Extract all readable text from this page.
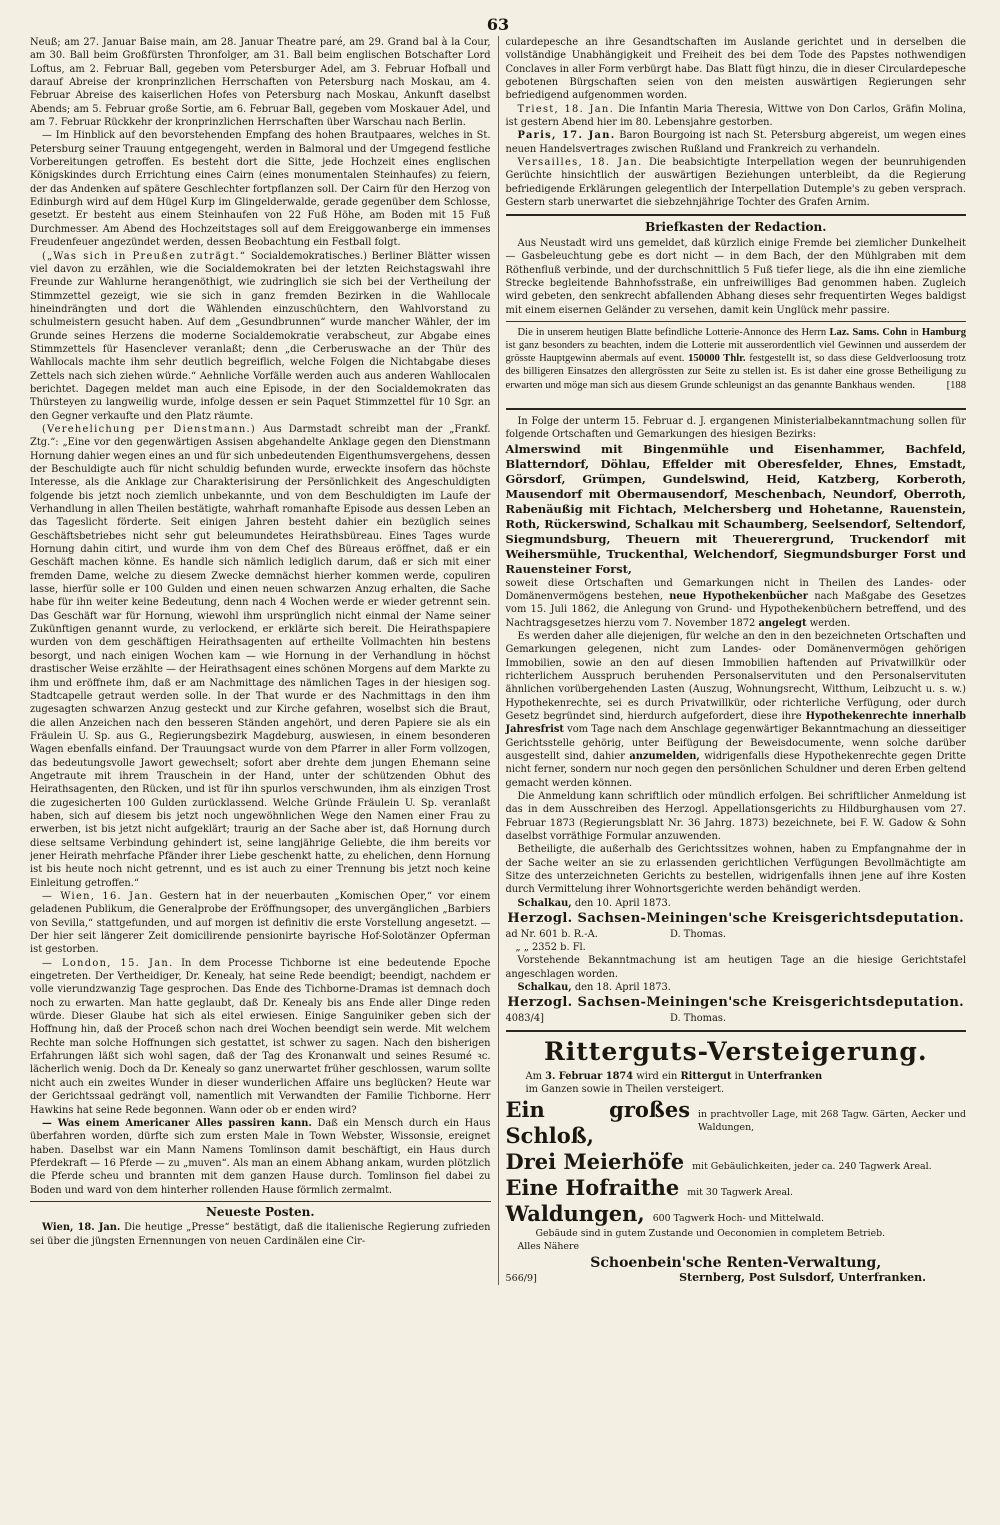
63

Neuß; am 27. Januar Baise main, am 28. Januar Theatre paré, am 29. Grand bal à la Cour, am 30. Ball beim Großfürsten Thronfolger, am 31. Ball beim englischen Botschafter Lord Loftus, am 2. Februar Ball, gegeben vom Petersburger Adel, am 3. Februar Hofball und darauf Abreise der kronprinzlichen Herrschaften von Petersburg nach Moskau, am 4. Februar Abreise des kaiserlichen Hofes von Petersburg nach Moskau, Ankunft daselbst Abends; am 5. Februar große Sortie, am 6. Februar Ball, gegeben vom Moskauer Adel, und am 7. Februar Rückkehr der kronprinzlichen Herrschaften über Warschau nach Berlin.

— Im Hinblick auf den bevorstehenden Empfang des hohen Brautpaares, welches in St. Petersburg seiner Trauung entgegengeht, werden in Balmoral und der Umgegend festliche Vorbereitungen getroffen. Es besteht dort die Sitte, jede Hochzeit eines englischen Königskindes durch Errichtung eines Cairn (eines monumentalen Steinhaufes) zu feiern, der das Andenken auf spätere Geschlechter fortpflanzen soll. Der Cairn für den Herzog von Edinburgh wird auf dem Hügel Kurp im Glingelderwalde, gerade gegenüber dem Schlosse, gesetzt. Er besteht aus einem Steinhaufen von 22 Fuß Höhe, am Boden mit 15 Fuß Durchmesser. Am Abend des Hochzeitstages soll auf dem Ereiggowanberge ein immenses Freudenfeuer angezündet werden, dessen Beobachtung ein Festball folgt.

(„Was sich in Preußen zuträgt.“ Socialdemokratisches.) Berliner Blätter wissen viel davon zu erzählen, wie die Socialdemokraten bei der letzten Reichstagswahl ihre Freunde zur Wahlurne herangenöthigt, wie zudringlich sie sich bei der Vertheilung der Stimmzettel gezeigt, wie sie sich in ganz fremden Bezirken in die Wahllocale hineindrängten und dort die Wählenden einzuschüchtern, den Wahlvorstand zu schulmeistern gesucht haben. Auf dem „Gesundbrunnen“ wurde mancher Wähler, der im Grunde seines Herzens die moderne Socialdemokratie verabscheut, zur Abgabe eines Stimmzettels für Hasenclever veranlaßt; denn „die Cerberuswache an der Thür des Wahllocals machte ihm sehr deutlich begreiflich, welche Folgen die Nichtabgabe dieses Zettels nach sich ziehen würde.“ Aehnliche Vorfälle werden auch aus anderen Wahllocalen berichtet. Dagegen meldet man auch eine Episode, in der den Socialdemokraten das Thürsteyen zu langweilig wurde, infolge dessen er sein Paquet Stimmzettel für 10 Sgr. an den Gegner verkaufte und den Platz räumte.

(Verehelichung per Dienstmann.) Aus Darmstadt schreibt man der „Frankf. Ztg.“: „Eine vor den gegenwärtigen Assisen abgehandelte Anklage gegen den Dienstmann Hornung dahier wegen eines an und für sich unbedeutenden Eigenthumsvergehens, dessen der Beschuldigte auch für nicht schuldig befunden wurde, erweckte insofern das höchste Interesse, als die Anklage zur Charakterisirung der Persönlichkeit des Angeschuldigten folgende bis jetzt noch ziemlich unbekannte, und von dem Beschuldigten im Laufe der Verhandlung in allen Theilen bestätigte, wahrhaft romanhafte Episode aus dessen Leben an das Tageslicht förderte. Seit einigen Jahren besteht dahier ein bezüglich seines Geschäftsbetriebes nicht sehr gut beleumundetes Heirathsbüreau. Eines Tages wurde Hornung dahin citirt, und wurde ihm von dem Chef des Büreaus eröffnet, daß er ein Geschäft machen könne. Es handle sich nämlich lediglich darum, daß er sich mit einer fremden Dame, welche zu diesem Zwecke demnächst hierher kommen werde, copuliren lasse, hierfür solle er 100 Gulden und einen neuen schwarzen Anzug erhalten, die Sache habe für ihn weiter keine Bedeutung, denn nach 4 Wochen werde er wieder getrennt sein. Das Geschäft war für Hornung, wiewohl ihm ursprünglich nicht einmal der Name seiner Zukünftigen genannt wurde, zu verlockend, er erklärte sich bereit. Die Heirathspapiere wurden von dem geschäftigen Heirathsagenten auf ertheilte Vollmachten hin bestens besorgt, und nach einigen Wochen kam — wie Hornung in der Verhandlung in höchst drastischer Weise erzählte — der Heirathsagent eines schönen Morgens auf dem Markte zu ihm und eröffnete ihm, daß er am Nachmittage des nämlichen Tages in der hiesigen sog. Stadtcapelle getraut werden solle. In der That wurde er des Nachmittags in den ihm zugesagten schwarzen Anzug gesteckt und zur Kirche gefahren, woselbst sich die Braut, die allen Anzeichen nach den besseren Ständen angehört, und deren Papiere sie als ein Fräulein U. Sp. aus G., Regierungsbezirk Magdeburg, auswiesen, in einem besonderen Wagen ebenfalls einfand. Der Trauungsact wurde von dem Pfarrer in aller Form vollzogen, das bedeutungsvolle Jawort gewechselt; sofort aber drehte dem jungen Ehemann seine Angetraute mit ihrem Trauschein in der Hand, unter der schützenden Obhut des Heirathsagenten, den Rücken, und ist für ihn spurlos verschwunden, ihm als einzigen Trost die zugesicherten 100 Gulden zurücklassend. Welche Gründe Fräulein U. Sp. veranlaßt haben, sich auf diesem bis jetzt noch ungewöhnlichen Wege den Namen einer Frau zu erwerben, ist bis jetzt nicht aufgeklärt; traurig an der Sache aber ist, daß Hornung durch diese seltsame Verbindung gehindert ist, seine langjährige Geliebte, die ihm bereits vor jener Heirath mehrfache Pfänder ihrer Liebe geschenkt hatte, zu ehelichen, denn Hornung ist bis heute noch nicht getrennt, und es ist auch zu einer Trennung bis jetzt noch keine Einleitung getroffen.“

— Wien, 16. Jan. Gestern hat in der neuerbauten „Komischen Oper,“ vor einem geladenen Publikum, die Generalprobe der Eröffnungsoper, des unvergänglichen „Barbiers von Sevilla,“ stattgefunden, und auf morgen ist definitiv die erste Vorstellung angesetzt. — Der hier seit längerer Zeit domicilirende pensionirte bayrische Hof-Solotänzer Opferman ist gestorben.

— London, 15. Jan. In dem Processe Tichborne ist eine bedeutende Epoche eingetreten. Der Vertheidiger, Dr. Kenealy, hat seine Rede beendigt; beendigt, nachdem er volle vierundzwanzig Tage gesprochen. Das Ende des Tichborne-Dramas ist demnach doch noch zu erwarten. Man hatte geglaubt, daß Dr. Kenealy bis ans Ende aller Dinge reden würde. Dieser Glaube hat sich als eitel erwiesen. Einige Sanguiniker geben sich der Hoffnung hin, daß der Proceß schon nach drei Wochen beendigt sein werde. Mit welchem Rechte man solche Hoffnungen sich gestattet, ist schwer zu sagen. Nach den bisherigen Erfahrungen läßt sich wohl sagen, daß der Tag des Kronanwalt und seines Resumé ꝛc. lächerlich wenig. Doch da Dr. Kenealy so ganz unerwartet früher geschlossen, warum sollte nicht auch ein zweites Wunder in dieser wunderlichen Affaire uns beglücken? Heute war der Gerichtssaal gedrängt voll, namentlich mit Verwandten der Familie Tichborne. Herr Hawkins hat seine Rede begonnen. Wann oder ob er enden wird?

— Was einem Americaner Alles passiren kann. Daß ein Mensch durch ein Haus überfahren worden, dürfte sich zum ersten Male in Town Webster, Wissonsie, ereignet haben. Daselbst war ein Mann Namens Tomlinson damit beschäftigt, ein Haus durch Pferdekraft — 16 Pferde — zu „muven“. Als man an einem Abhang ankam, wurden plötzlich die Pferde scheu und brannten mit dem ganzen Hause durch. Tomlinson fiel dabei zu Boden und ward von dem hinterher rollenden Hause förmlich zermalmt.

Neueste Posten.

Wien, 18. Jan. Die heutige „Presse“ bestätigt, daß die italienische Regierung zufrieden sei über die jüngsten Ernennungen von neuen Cardinälen eine Cir-

culardepesche an ihre Gesandtschaften im Auslande gerichtet und in derselben die vollständige Unabhängigkeit und Freiheit des bei dem Tode des Papstes nothwendigen Conclaves in aller Form verbürgt habe. Das Blatt fügt hinzu, die in dieser Circulardepesche gebotenen Bürgschaften seien von den meisten auswärtigen Regierungen sehr befriedigend aufgenommen worden.

Triest, 18. Jan. Die Infantin Maria Theresia, Wittwe von Don Carlos, Gräfin Molina, ist gestern Abend hier im 80. Lebensjahre gestorben.

Paris, 17. Jan. Baron Bourgoing ist nach St. Petersburg abgereist, um wegen eines neuen Handelsvertrages zwischen Rußland und Frankreich zu verhandeln.

Versailles, 18. Jan. Die beabsichtigte Interpellation wegen der beunruhigenden Gerüchte hinsichtlich der auswärtigen Beziehungen unterbleibt, da die Regierung befriedigende Erklärungen gelegentlich der Interpellation Dutemple's zu geben versprach. Gestern starb unerwartet die siebzehnjährige Tochter des Grafen Arnim.

Briefkasten der Redaction.

Aus Neustadt wird uns gemeldet, daß kürzlich einige Fremde bei ziemlicher Dunkelheit — Gasbeleuchtung gebe es dort nicht — in dem Bach, der den Mühlgraben mit dem Röthenfluß verbinde, und der durchschnittlich 5 Fuß tiefer liege, als die ihn eine ziemliche Strecke begleitende Bahnhofsstraße, ein unfreiwilliges Bad genommen haben. Zugleich wird gebeten, den senkrecht abfallenden Abhang dieses sehr frequentirten Weges baldigst mit einem eisernen Geländer zu versehen, damit kein Unglück mehr passire.

Die in unserem heutigen Blatte befindliche Lotterie-Annonce des Herrn Laz. Sams. Cohn in Hamburg ist ganz besonders zu beachten, indem die Lotterie mit ausserordentlich viel Gewinnen und ausserdem der grösste Hauptgewinn abermals auf event. 150000 Thlr. festgestellt ist, so dass diese Geldverloosung trotz des billigeren Einsatzes den allergrössten zur Seite zu stellen ist. Es ist daher eine grosse Betheiligung zu erwarten und möge man sich aus diesem Grunde schleunigst an das genannte Bankhaus wenden.	[188

In Folge der unterm 15. Februar d. J. ergangenen Ministerialbekanntmachung sollen für folgende Ortschaften und Gemarkungen des hiesigen Bezirks:

Almerswind mit Bingenmühle und Eisenhammer, Bachfeld, Blatterndorf, Döhlau, Effelder mit Oberesfelder, Ehnes, Emstadt, Görsdorf, Grümpen, Gundelswind, Heid, Katzberg, Korberoth, Mausendorf mit Obermausendorf, Meschenbach, Neundorf, Oberroth, Rabenäußig mit Fichtach, Melchersberg und Hohetanne, Rauenstein, Roth, Rückerswind, Schalkau mit Schaumberg, Seelsendorf, Seltendorf, Siegmundsburg, Theuern mit Theuerergrund, Truckendorf mit Weihersmühle, Truckenthal, Welchendorf, Siegmundsburger Forst und Rauensteiner Forst,

soweit diese Ortschaften und Gemarkungen nicht in Theilen des Landes- oder Domänenvermögens bestehen, neue Hypothekenbücher nach Maßgabe des Gesetzes vom 15. Juli 1862, die Anlegung von Grund- und Hypothekenbüchern betreffend, und des Nachtragsgesetzes hierzu vom 7. November 1872 angelegt werden.

Es werden daher alle diejenigen, für welche an den in den bezeichneten Ortschaften und Gemarkungen gelegenen, nicht zum Landes- oder Domänenvermögen gehörigen Immobilien, sowie an den auf diesen Immobilien haftenden auf Privatwillkür oder richterlichem Ausspruch beruhenden Personalservituten und den Personalservituten ähnlichen vorübergehenden Lasten (Auszug, Wohnungsrecht, Witthum, Leibzucht u. s. w.) Hypothekenrechte, sei es durch Privatwillkür, oder richterliche Verfügung, oder durch Gesetz begründet sind, hierdurch aufgefordert, diese ihre Hypothekenrechte innerhalb Jahresfrist vom Tage nach dem Anschlage gegenwärtiger Bekanntmachung an diesseitiger Gerichtsstelle gehörig, unter Beifügung der Beweisdocumente, wenn solche darüber ausgestellt sind, dahier anzumelden, widrigenfalls diese Hypothekenrechte gegen Dritte nicht ferner, sondern nur noch gegen den persönlichen Schuldner und deren Erben geltend gemacht werden können.

Die Anmeldung kann schriftlich oder mündlich erfolgen. Bei schriftlicher Anmeldung ist das in dem Ausschreiben des Herzogl. Appellationsgerichts zu Hildburghausen vom 27. Februar 1873 (Regierungsblatt Nr. 36 Jahrg. 1873) bezeichnete, bei F. W. Gadow & Sohn daselbst vorräthige Formular anzuwenden.

Betheiligte, die außerhalb des Gerichtssitzes wohnen, haben zu Empfangnahme der in der Sache weiter an sie zu erlassenden gerichtlichen Verfügungen Bevollmächtigte am Sitze des unterzeichneten Gerichts zu bestellen, widrigenfalls ihnen jene auf ihre Kosten durch Vermittelung ihrer Wohnortsgerichte werden behändigt werden.

Schalkau, den 10. April 1873.

Herzogl. Sachsen-Meiningen'sche Kreisgerichtsdeputation.
ad Nr. 601 b. R.-A.	D. Thomas.
„ „ 2352 b. Fl.

Vorstehende Bekanntmachung ist am heutigen Tage an die hiesige Gerichtstafel angeschlagen worden.

Schalkau, den 18. April 1873.

Herzogl. Sachsen-Meiningen'sche Kreisgerichtsdeputation.
4083/4]	D. Thomas.
Ritterguts-Versteigerung.

Am 3. Februar 1874 wird ein Rittergut in Unterfranken
im Ganzen sowie in Theilen versteigert.

Ein großes Schloß,
in prachtvoller Lage, mit 268 Tagw. Gärten, Aecker und Waldungen,
Drei Meierhöfe mit Gebäulichkeiten, jeder ca. 240 Tagwerk Areal.
Eine Hofraithe mit 30 Tagwerk Areal.
Waldungen, 600 Tagwerk Hoch- und Mittelwald.
Gebäude sind in gutem Zustande und Oeconomien in completem Betrieb.
Alles Nähere
Schoenbein'sche Renten-Verwaltung,
566/9]	Sternberg, Post Sulsdorf, Unterfranken.
